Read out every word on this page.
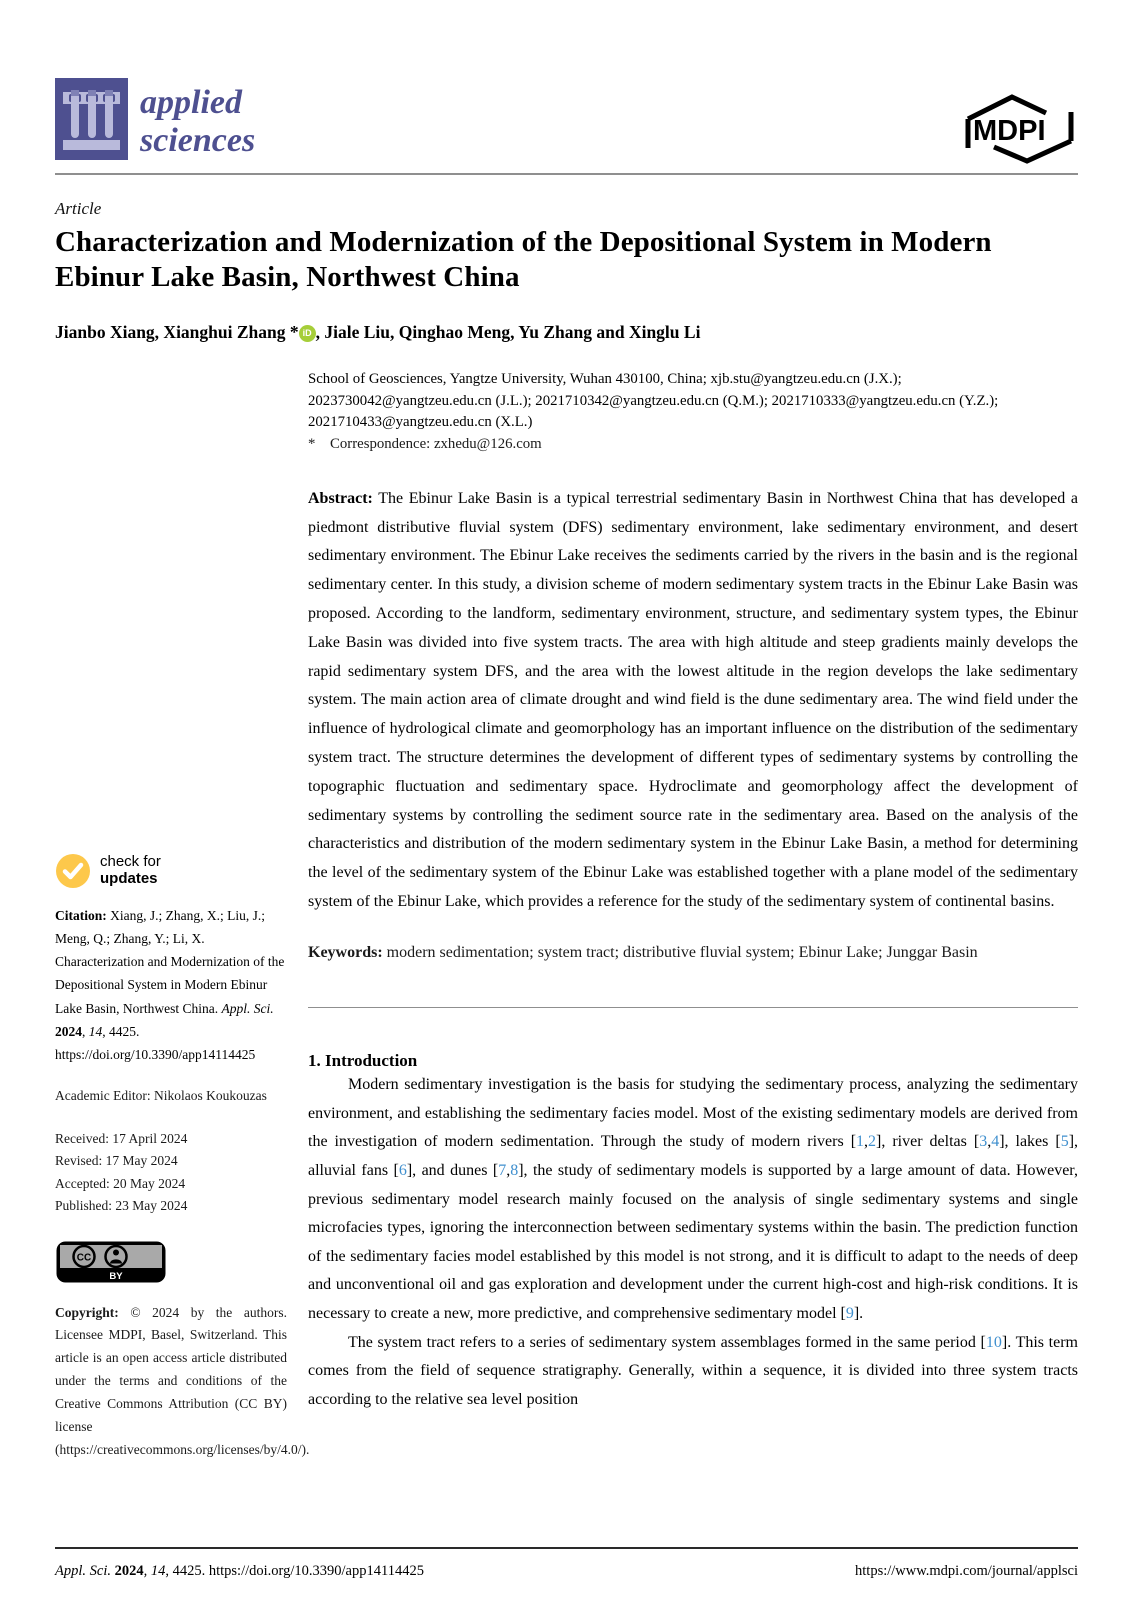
applied
sciences	MDPI
Article
Characterization and Modernization of the Depositional System in Modern Ebinur Lake Basin, Northwest China
Jianbo Xiang, Xianghui Zhang * iD , Jiale Liu, Qinghao Meng, Yu Zhang and Xinglu Li
check for
updates
Citation: Xiang, J.; Zhang, X.; Liu, J.; Meng, Q.; Zhang, Y.; Li, X. Characterization and Modernization of the Depositional System in Modern Ebinur Lake Basin, Northwest China. Appl. Sci. 2024, 14, 4425. https://doi.org/10.3390/app14114425
Academic Editor: Nikolaos Koukouzas
Received: 17 April 2024
Revised: 17 May 2024
Accepted: 20 May 2024
Published: 23 May 2024
CC
BY
Copyright: © 2024 by the authors. Licensee MDPI, Basel, Switzerland. This article is an open access article distributed under the terms and conditions of the Creative Commons Attribution (CC BY) license (https://creativecommons.org/licenses/by/4.0/).
School of Geosciences, Yangtze University, Wuhan 430100, China; xjb.stu@yangtzeu.edu.cn (J.X.); 2023730042@yangtzeu.edu.cn (J.L.); 2021710342@yangtzeu.edu.cn (Q.M.); 2021710333@yangtzeu.edu.cn (Y.Z.); 2021710433@yangtzeu.edu.cn (X.L.)
* Correspondence: zxhedu@126.com
Abstract: The Ebinur Lake Basin is a typical terrestrial sedimentary Basin in Northwest China that has developed a piedmont distributive fluvial system (DFS) sedimentary environment, lake sedimentary environment, and desert sedimentary environment. The Ebinur Lake receives the sediments carried by the rivers in the basin and is the regional sedimentary center. In this study, a division scheme of modern sedimentary system tracts in the Ebinur Lake Basin was proposed. According to the landform, sedimentary environment, structure, and sedimentary system types, the Ebinur Lake Basin was divided into five system tracts. The area with high altitude and steep gradients mainly develops the rapid sedimentary system DFS, and the area with the lowest altitude in the region develops the lake sedimentary system. The main action area of climate drought and wind field is the dune sedimentary area. The wind field under the influence of hydrological climate and geomorphology has an important influence on the distribution of the sedimentary system tract. The structure determines the development of different types of sedimentary systems by controlling the topographic fluctuation and sedimentary space. Hydroclimate and geomorphology affect the development of sedimentary systems by controlling the sediment source rate in the sedimentary area. Based on the analysis of the characteristics and distribution of the modern sedimentary system in the Ebinur Lake Basin, a method for determining the level of the sedimentary system of the Ebinur Lake was established together with a plane model of the sedimentary system of the Ebinur Lake, which provides a reference for the study of the sedimentary system of continental basins.
Keywords: modern sedimentation; system tract; distributive fluvial system; Ebinur Lake; Junggar Basin
1. Introduction

Modern sedimentary investigation is the basis for studying the sedimentary process, analyzing the sedimentary environment, and establishing the sedimentary facies model. Most of the existing sedimentary models are derived from the investigation of modern sedimentation. Through the study of modern rivers [1,2], river deltas [3,4], lakes [5], alluvial fans [6], and dunes [7,8], the study of sedimentary models is supported by a large amount of data. However, previous sedimentary model research mainly focused on the analysis of single sedimentary systems and single microfacies types, ignoring the interconnection between sedimentary systems within the basin. The prediction function of the sedimentary facies model established by this model is not strong, and it is difficult to adapt to the needs of deep and unconventional oil and gas exploration and development under the current high-cost and high-risk conditions. It is necessary to create a new, more predictive, and comprehensive sedimentary model [9].

The system tract refers to a series of sedimentary system assemblages formed in the same period [10]. This term comes from the field of sequence stratigraphy. Generally, within a sequence, it is divided into three system tracts according to the relative sea level position

Appl. Sci. 2024, 14, 4425. https://doi.org/10.3390/app14114425	https://www.mdpi.com/journal/applsci
